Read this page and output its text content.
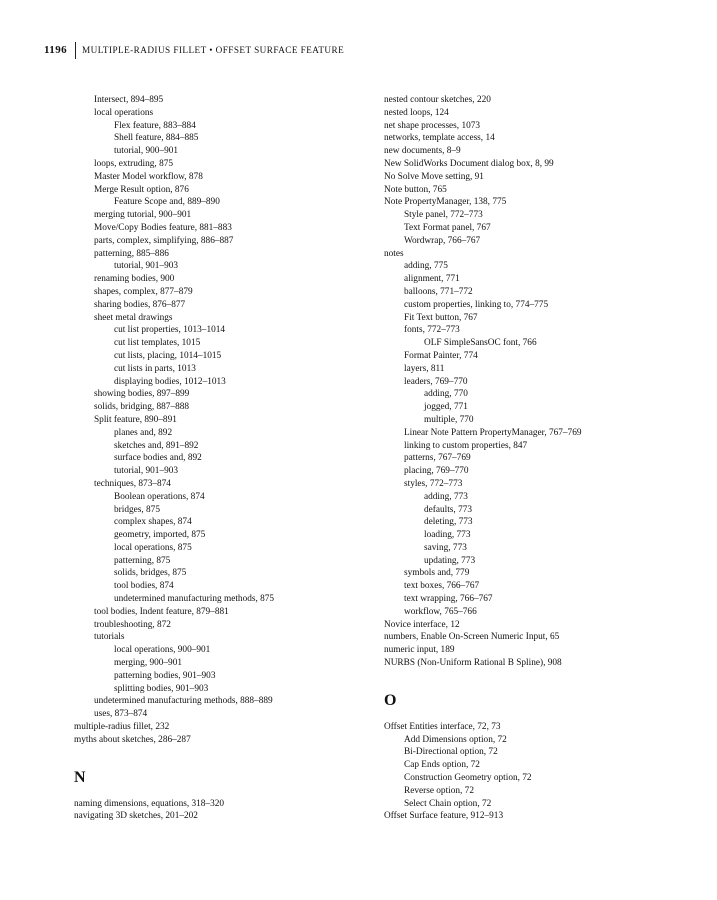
1196	MULTIPLE-RADIUS FILLET • OFFSET SURFACE FEATURE
Intersect, 894–895
local operations
Flex feature, 883–884
Shell feature, 884–885
tutorial, 900–901
loops, extruding, 875
Master Model workflow, 878
Merge Result option, 876
Feature Scope and, 889–890
merging tutorial, 900–901
Move/Copy Bodies feature, 881–883
parts, complex, simplifying, 886–887
patterning, 885–886
tutorial, 901–903
renaming bodies, 900
shapes, complex, 877–879
sharing bodies, 876–877
sheet metal drawings
cut list properties, 1013–1014
cut list templates, 1015
cut lists, placing, 1014–1015
cut lists in parts, 1013
displaying bodies, 1012–1013
showing bodies, 897–899
solids, bridging, 887–888
Split feature, 890–891
planes and, 892
sketches and, 891–892
surface bodies and, 892
tutorial, 901–903
techniques, 873–874
Boolean operations, 874
bridges, 875
complex shapes, 874
geometry, imported, 875
local operations, 875
patterning, 875
solids, bridges, 875
tool bodies, 874
undetermined manufacturing methods, 875
tool bodies, Indent feature, 879–881
troubleshooting, 872
tutorials
local operations, 900–901
merging, 900–901
patterning bodies, 901–903
splitting bodies, 901–903
undetermined manufacturing methods, 888–889
uses, 873–874
multiple-radius fillet, 232
myths about sketches, 286–287
N
naming dimensions, equations, 318–320
navigating 3D sketches, 201–202
nested contour sketches, 220
nested loops, 124
net shape processes, 1073
networks, template access, 14
new documents, 8–9
New SolidWorks Document dialog box, 8, 99
No Solve Move setting, 91
Note button, 765
Note PropertyManager, 138, 775
Style panel, 772–773
Text Format panel, 767
Wordwrap, 766–767
notes
adding, 775
alignment, 771
balloons, 771–772
custom properties, linking to, 774–775
Fit Text button, 767
fonts, 772–773
OLF SimpleSansOC font, 766
Format Painter, 774
layers, 811
leaders, 769–770
adding, 770
jogged, 771
multiple, 770
Linear Note Pattern PropertyManager, 767–769
linking to custom properties, 847
patterns, 767–769
placing, 769–770
styles, 772–773
adding, 773
defaults, 773
deleting, 773
loading, 773
saving, 773
updating, 773
symbols and, 779
text boxes, 766–767
text wrapping, 766–767
workflow, 765–766
Novice interface, 12
numbers, Enable On-Screen Numeric Input, 65
numeric input, 189
NURBS (Non-Uniform Rational B Spline), 908
O
Offset Entities interface, 72, 73
Add Dimensions option, 72
Bi-Directional option, 72
Cap Ends option, 72
Construction Geometry option, 72
Reverse option, 72
Select Chain option, 72
Offset Surface feature, 912–913
